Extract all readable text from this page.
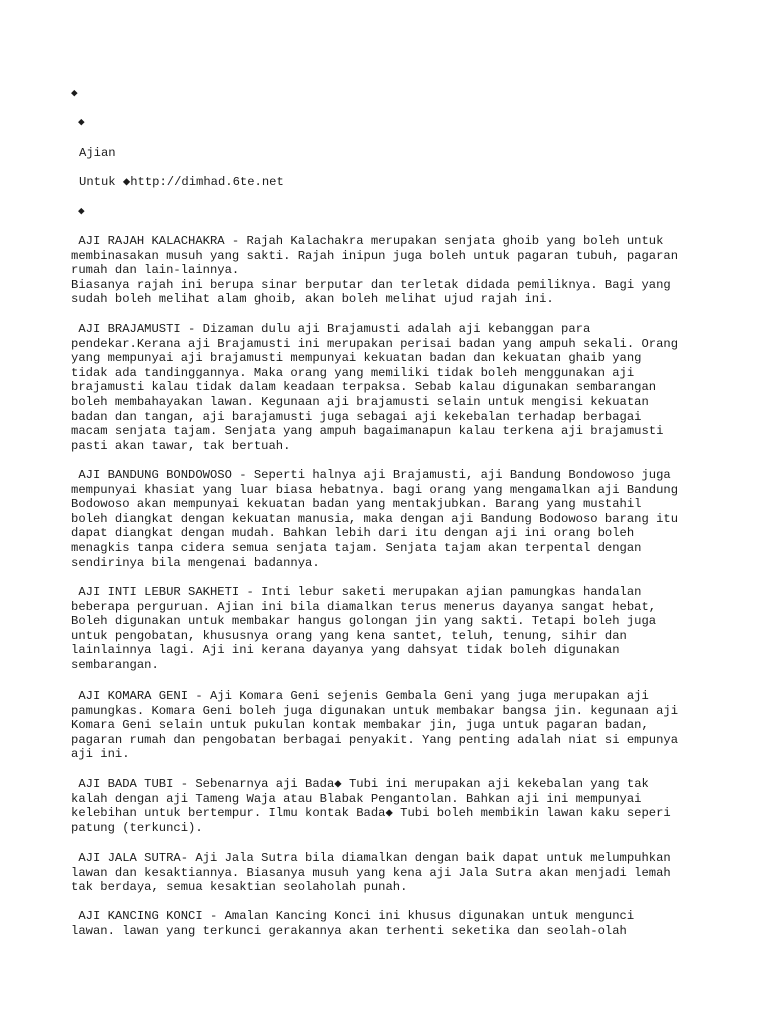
◆
◆
Ajian
Untuk ◆http://dimhad.6te.net
◆

AJI RAJAH KALACHAKRA - Rajah Kalachakra merupakan senjata ghoib yang boleh untuk
membinasakan musuh yang sakti. Rajah inipun juga boleh untuk pagaran tubuh, pagaran
rumah dan lain-lainnya.
Biasanya rajah ini berupa sinar berputar dan terletak didada pemiliknya. Bagi yang
sudah boleh melihat alam ghoib, akan boleh melihat ujud rajah ini.

AJI BRAJAMUSTI - Dizaman dulu aji Brajamusti adalah aji kebanggan para
pendekar.Kerana aji Brajamusti ini merupakan perisai badan yang ampuh sekali. Orang
yang mempunyai aji brajamusti mempunyai kekuatan badan dan kekuatan ghaib yang
tidak ada tandinggannya. Maka orang yang memiliki tidak boleh menggunakan aji
brajamusti kalau tidak dalam keadaan terpaksa. Sebab kalau digunakan sembarangan
boleh membahayakan lawan. Kegunaan aji brajamusti selain untuk mengisi kekuatan
badan dan tangan, aji barajamusti juga sebagai aji kekebalan terhadap berbagai
macam senjata tajam. Senjata yang ampuh bagaimanapun kalau terkena aji brajamusti
pasti akan tawar, tak bertuah.

AJI BANDUNG BONDOWOSO - Seperti halnya aji Brajamusti, aji Bandung Bondowoso juga
mempunyai khasiat yang luar biasa hebatnya. bagi orang yang mengamalkan aji Bandung
Bodowoso akan mempunyai kekuatan badan yang mentakjubkan. Barang yang mustahil
boleh diangkat dengan kekuatan manusia, maka dengan aji Bandung Bodowoso barang itu
dapat diangkat dengan mudah. Bahkan lebih dari itu dengan aji ini orang boleh
menagkis tanpa cidera semua senjata tajam. Senjata tajam akan terpental dengan
sendirinya bila mengenai badannya.

AJI INTI LEBUR SAKHETI - Inti lebur saketi merupakan ajian pamungkas handalan
beberapa perguruan. Ajian ini bila diamalkan terus menerus dayanya sangat hebat,
Boleh digunakan untuk membakar hangus golongan jin yang sakti. Tetapi boleh juga
untuk pengobatan, khususnya orang yang kena santet, teluh, tenung, sihir dan
lainlainnya lagi. Aji ini kerana dayanya yang dahsyat tidak boleh digunakan
sembarangan.

AJI KOMARA GENI - Aji Komara Geni sejenis Gembala Geni yang juga merupakan aji
pamungkas. Komara Geni boleh juga digunakan untuk membakar bangsa jin. kegunaan aji
Komara Geni selain untuk pukulan kontak membakar jin, juga untuk pagaran badan,
pagaran rumah dan pengobatan berbagai penyakit. Yang penting adalah niat si empunya
aji ini.

AJI BADA TUBI - Sebenarnya aji Bada◆ Tubi ini merupakan aji kekebalan yang tak
kalah dengan aji Tameng Waja atau Blabak Pengantolan. Bahkan aji ini mempunyai
kelebihan untuk bertempur. Ilmu kontak Bada◆ Tubi boleh membikin lawan kaku seperi
patung (terkunci).

AJI JALA SUTRA- Aji Jala Sutra bila diamalkan dengan baik dapat untuk melumpuhkan
lawan dan kesaktiannya. Biasanya musuh yang kena aji Jala Sutra akan menjadi lemah
tak berdaya, semua kesaktian seolaholah punah.

AJI KANCING KONCI - Amalan Kancing Konci ini khusus digunakan untuk mengunci
lawan. lawan yang terkunci gerakannya akan terhenti seketika dan seolah-olah
